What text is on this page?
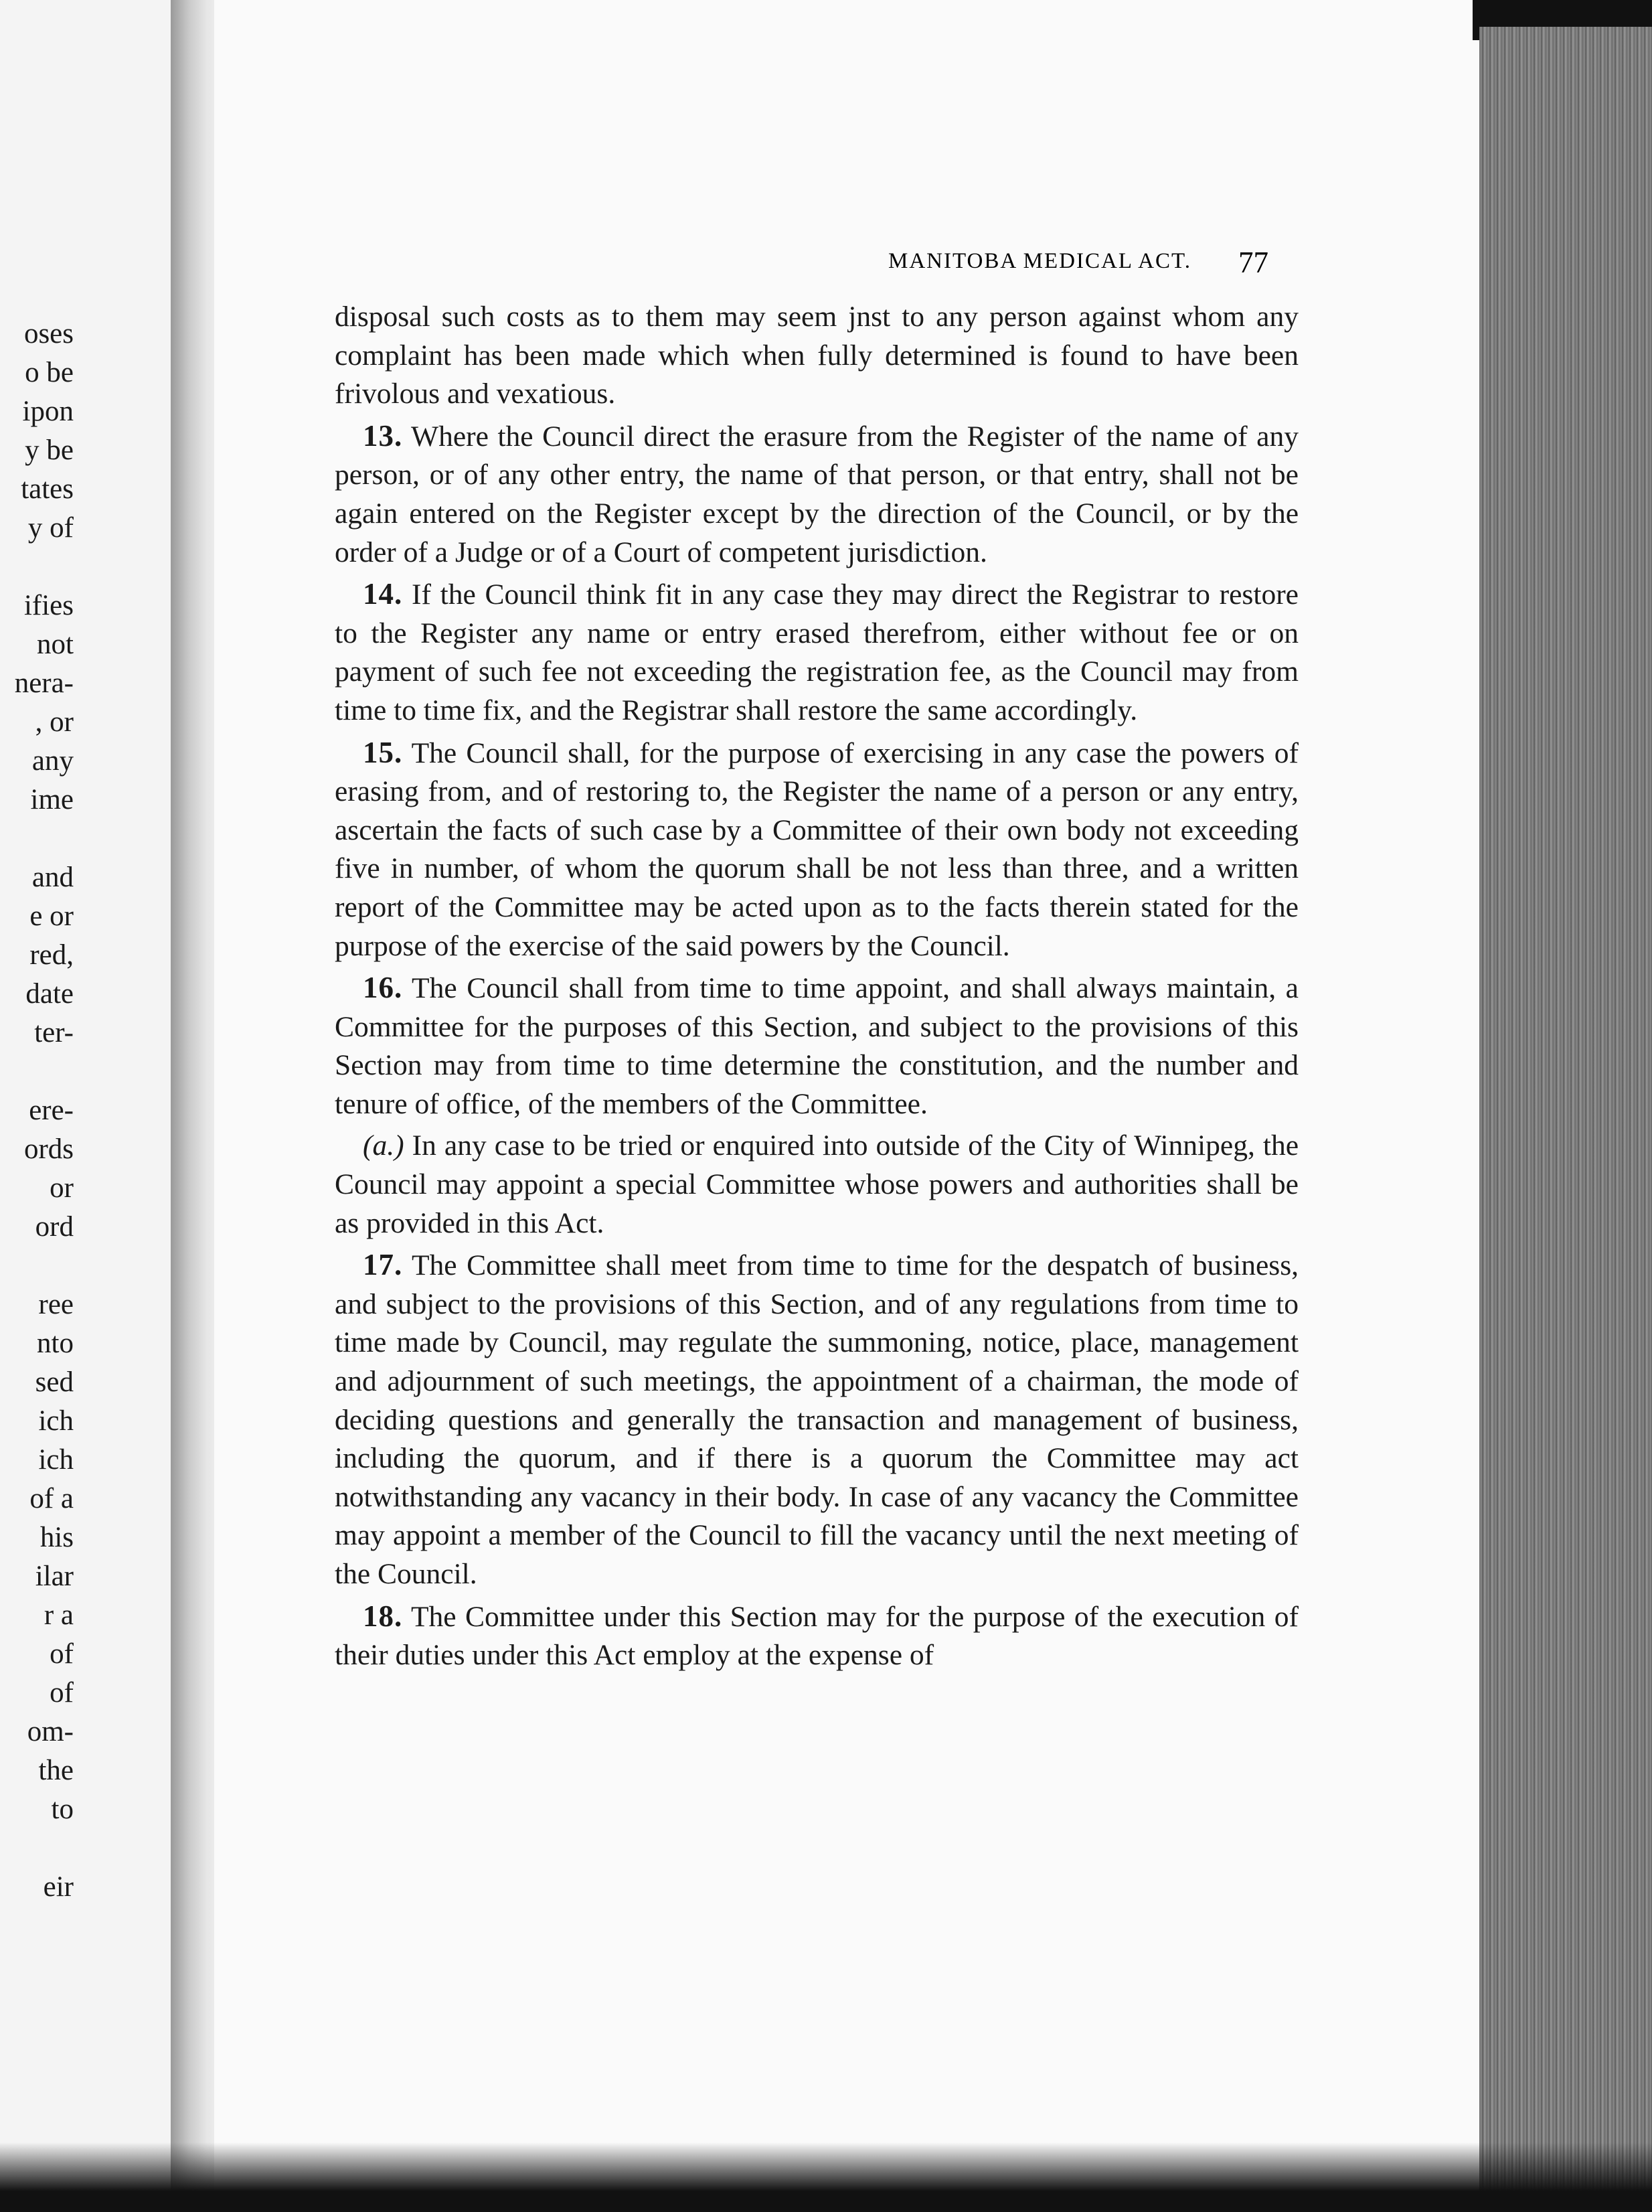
oses
o be
ipon
y be
tates
y of
ifies
not
nera-
, or
any
ime
and
e or
red,
date
ter-
ere-
ords
or
ord
ree
nto
sed
ich
ich
of a
his
ilar
r a
of
of
om-
the
to
eir
MANITOBA MEDICAL ACT. 77

disposal such costs as to them may seem jnst to any person against whom any complaint has been made which when fully determined is found to have been frivolous and vexatious.

13. Where the Council direct the erasure from the Register of the name of any person, or of any other entry, the name of that person, or that entry, shall not be again entered on the Register except by the direction of the Council, or by the order of a Judge or of a Court of competent jurisdiction.

14. If the Council think fit in any case they may direct the Registrar to restore to the Register any name or entry erased therefrom, either without fee or on payment of such fee not exceeding the registration fee, as the Council may from time to time fix, and the Registrar shall restore the same accordingly.

15. The Council shall, for the purpose of exercising in any case the powers of erasing from, and of restoring to, the Register the name of a person or any entry, ascertain the facts of such case by a Committee of their own body not exceeding five in number, of whom the quorum shall be not less than three, and a written report of the Committee may be acted upon as to the facts therein stated for the purpose of the exercise of the said powers by the Council.

16. The Council shall from time to time appoint, and shall always maintain, a Committee for the purposes of this Section, and subject to the provisions of this Section may from time to time determine the constitution, and the number and tenure of office, of the members of the Committee.

(a.) In any case to be tried or enquired into outside of the City of Winnipeg, the Council may appoint a special Committee whose powers and authorities shall be as provided in this Act.

17. The Committee shall meet from time to time for the despatch of business, and subject to the provisions of this Section, and of any regulations from time to time made by Council, may regulate the summoning, notice, place, management and adjournment of such meetings, the appointment of a chairman, the mode of deciding questions and generally the transaction and management of business, including the quorum, and if there is a quorum the Committee may act notwithstanding any vacancy in their body. In case of any vacancy the Committee may appoint a member of the Council to fill the vacancy until the next meeting of the Council.

18. The Committee under this Section may for the purpose of the execution of their duties under this Act employ at the expense of
